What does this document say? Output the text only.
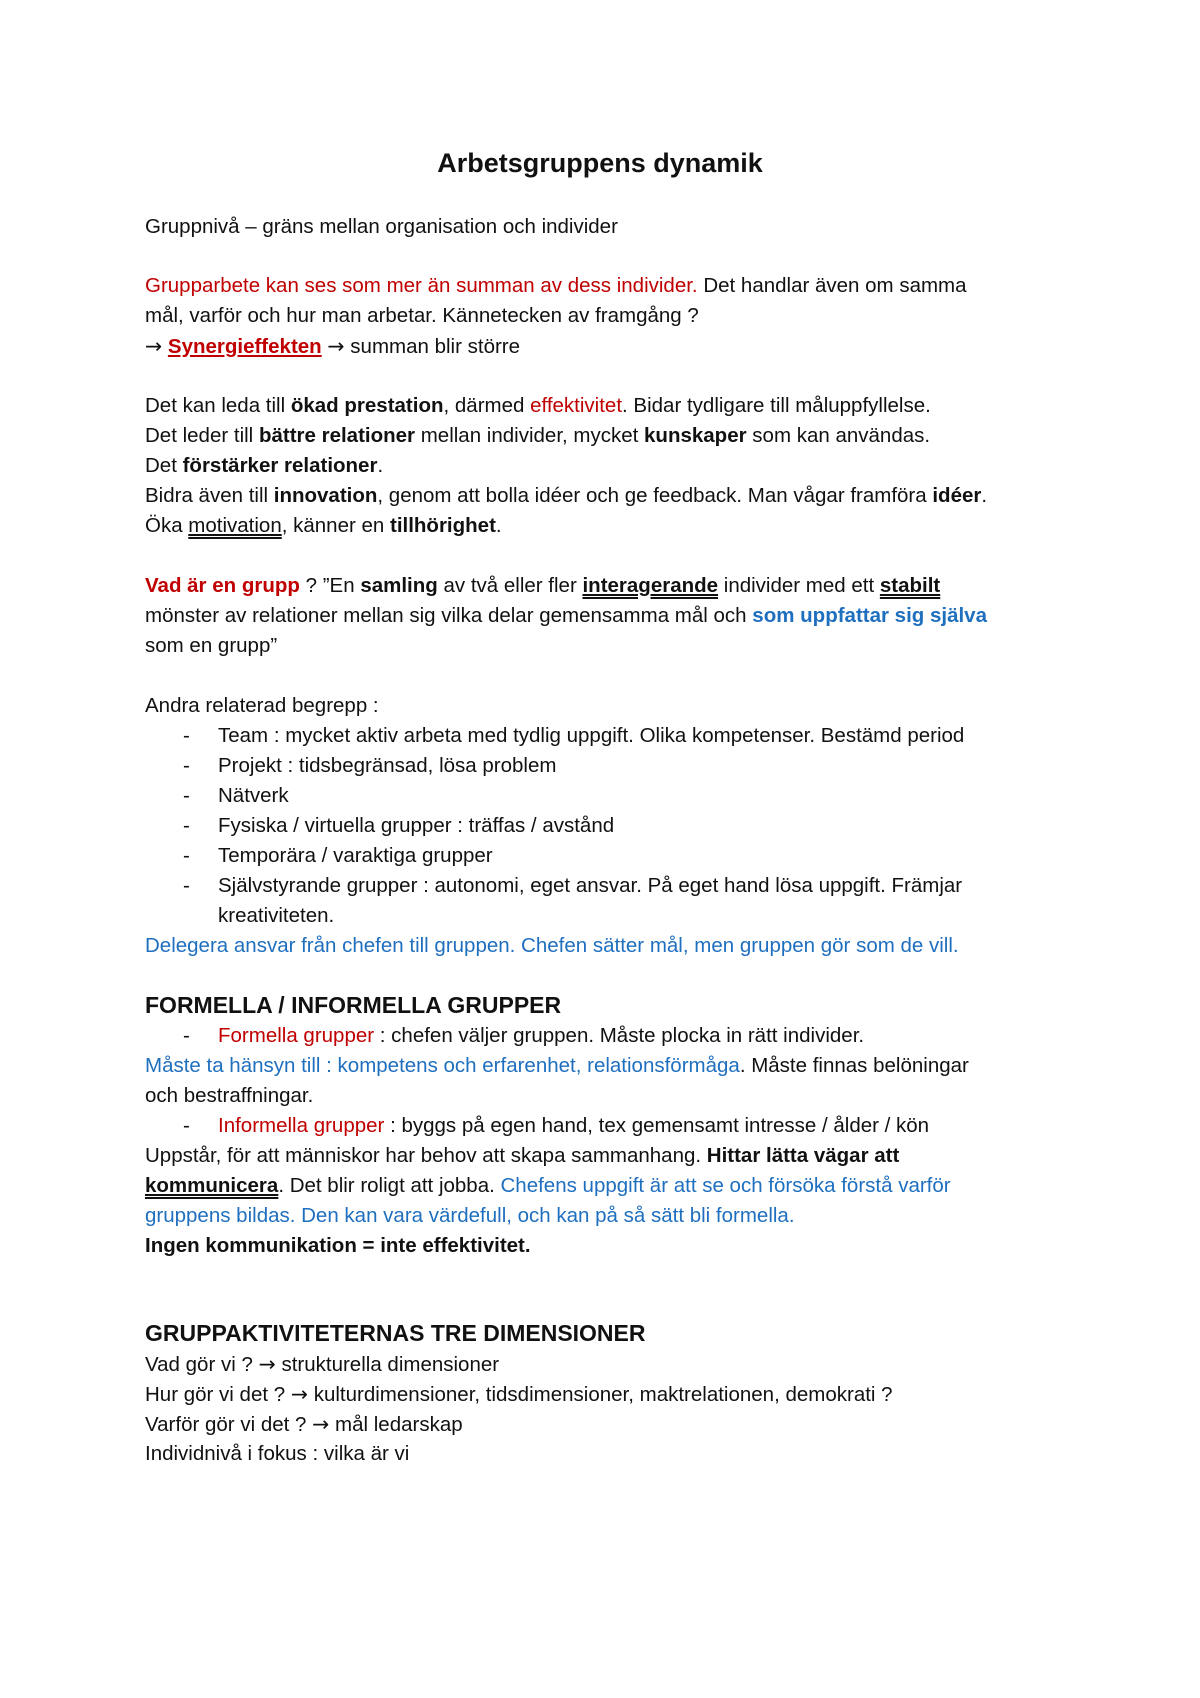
Arbetsgruppens dynamik
Gruppnivå – gräns mellan organisation och individer
Grupparbete kan ses som mer än summan av dess individer. Det handlar även om samma
mål, varför och hur man arbetar. Kännetecken av framgång ?
→ Synergieffekten → summan blir större
Det kan leda till ökad prestation, därmed effektivitet. Bidar tydligare till måluppfyllelse.
Det leder till bättre relationer mellan individer, mycket kunskaper som kan användas.
Det förstärker relationer.
Bidra även till innovation, genom att bolla idéer och ge feedback. Man vågar framföra idéer.
Öka motivation, känner en tillhörighet.
Vad är en grupp ? ”En samling av två eller fler interagerande individer med ett stabilt
mönster av relationer mellan sig vilka delar gemensamma mål och som uppfattar sig själva
som en grupp”
Andra relaterad begrepp :
-	Team : mycket aktiv arbeta med tydlig uppgift. Olika kompetenser. Bestämd period
-	Projekt : tidsbegränsad, lösa problem
-	Nätverk
-	Fysiska / virtuella grupper : träffas / avstånd
-	Temporära / varaktiga grupper
-	Självstyrande grupper : autonomi, eget ansvar. På eget hand lösa uppgift. Främjar
kreativiteten.
Delegera ansvar från chefen till gruppen. Chefen sätter mål, men gruppen gör som de vill.
FORMELLA / INFORMELLA GRUPPER
-	Formella grupper : chefen väljer gruppen. Måste plocka in rätt individer.
Måste ta hänsyn till : kompetens och erfarenhet, relationsförmåga. Måste finnas belöningar
och bestraffningar.
-	Informella grupper : byggs på egen hand, tex gemensamt intresse / ålder / kön
Uppstår, för att människor har behov att skapa sammanhang. Hittar lätta vägar att
kommunicera. Det blir roligt att jobba. Chefens uppgift är att se och försöka förstå varför
gruppens bildas. Den kan vara värdefull, och kan på så sätt bli formella.
Ingen kommunikation = inte effektivitet.
GRUPPAKTIVITETERNAS TRE DIMENSIONER
Vad gör vi ? → strukturella dimensioner
Hur gör vi det ? → kulturdimensioner, tidsdimensioner, maktrelationen, demokrati ?
Varför gör vi det ? → mål ledarskap
Individnivå i fokus : vilka är vi
